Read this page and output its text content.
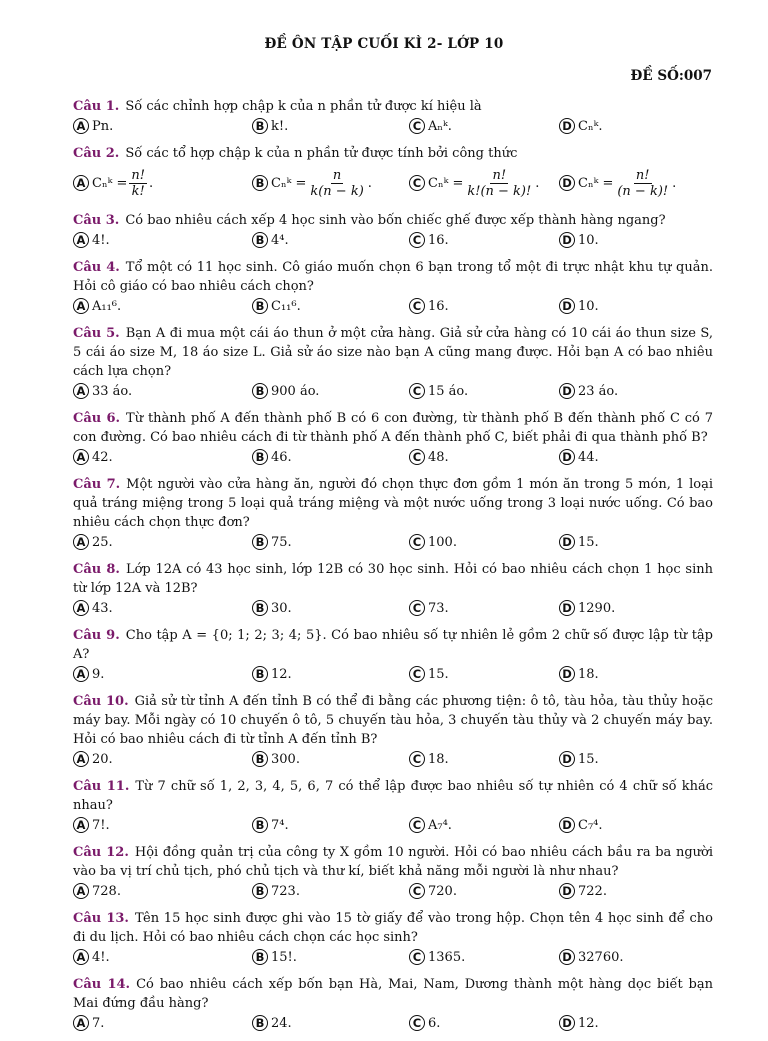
ĐỀ ÔN TẬP CUỐI KÌ 2- LỚP 10
ĐỀ SỐ:007
Câu 1. Số các chỉnh hợp chập k của n phần tử được kí hiệu là
A Pn.	B k!.	C Aₙᵏ.	D Cₙᵏ.
Câu 2. Số các tổ hợp chập k của n phần tử được tính bởi công thức
A Cₙᵏ = $\frac{n!}{k!}$ .	B Cₙᵏ = $\frac{n}{k(n - k)}$ .	C Cₙᵏ = $\frac{n!}{k!(n - k)!}$ . D Cₙᵏ = $\frac{n!}{(n - k)!}$ .
Câu 3. Có bao nhiêu cách xếp 4 học sinh vào bốn chiếc ghế được xếp thành hàng ngang?
A 4!.	B 4⁴.	C 16.	D 10.
Câu 4. Tổ một có 11 học sinh. Cô giáo muốn chọn 6 bạn trong tổ một đi trực nhật khu tự quản. Hỏi cô giáo có bao nhiêu cách chọn?
A A₁₁⁶.	B C₁₁⁶.	C 16.	D 10.
Câu 5. Bạn A đi mua một cái áo thun ở một cửa hàng. Giả sử cửa hàng có 10 cái áo thun size S, 5 cái áo size M, 18 áo size L. Giả sử áo size nào bạn A cũng mang được. Hỏi bạn A có bao nhiêu cách lựa chọn?
A 33 áo.	B 900 áo.	C 15 áo.	D 23 áo.
Câu 6. Từ thành phố A đến thành phố B có 6 con đường, từ thành phố B đến thành phố C có 7 con đường. Có bao nhiêu cách đi từ thành phố A đến thành phố C, biết phải đi qua thành phố B?
A 42.	B 46.	C 48.	D 44.
Câu 7. Một người vào cửa hàng ăn, người đó chọn thực đơn gồm 1 món ăn trong 5 món, 1 loại quả tráng miệng trong 5 loại quả tráng miệng và một nước uống trong 3 loại nước uống. Có bao nhiêu cách chọn thực đơn?
A 25.	B 75.	C 100.	D 15.
Câu 8. Lớp 12A có 43 học sinh, lớp 12B có 30 học sinh. Hỏi có bao nhiêu cách chọn 1 học sinh từ lớp 12A và 12B?
A 43.	B 30.	C 73.	D 1290.
Câu 9. Cho tập A = {0; 1; 2; 3; 4; 5}. Có bao nhiêu số tự nhiên lẻ gồm 2 chữ số được lập từ tập A?
A 9.	B 12.	C 15.	D 18.
Câu 10. Giả sử từ tỉnh A đến tỉnh B có thể đi bằng các phương tiện: ô tô, tàu hỏa, tàu thủy hoặc máy bay. Mỗi ngày có 10 chuyến ô tô, 5 chuyến tàu hỏa, 3 chuyến tàu thủy và 2 chuyến máy bay. Hỏi có bao nhiêu cách đi từ tỉnh A đến tỉnh B?
A 20.	B 300.	C 18.	D 15.
Câu 11. Từ 7 chữ số 1, 2, 3, 4, 5, 6, 7 có thể lập được bao nhiêu số tự nhiên có 4 chữ số khác nhau?
A 7!.	B 7⁴.	C A₇⁴.	D C₇⁴.
Câu 12. Hội đồng quản trị của công ty X gồm 10 người. Hỏi có bao nhiêu cách bầu ra ba người vào ba vị trí chủ tịch, phó chủ tịch và thư kí, biết khả năng mỗi người là như nhau?
A 728.	B 723.	C 720.	D 722.
Câu 13. Tên 15 học sinh được ghi vào 15 tờ giấy để vào trong hộp. Chọn tên 4 học sinh để cho đi du lịch. Hỏi có bao nhiêu cách chọn các học sinh?
A 4!.	B 15!.	C 1365.	D 32760.
Câu 14. Có bao nhiêu cách xếp bốn bạn Hà, Mai, Nam, Dương thành một hàng dọc biết bạn Mai đứng đầu hàng?
A 7.	B 24.	C 6.	D 12.
